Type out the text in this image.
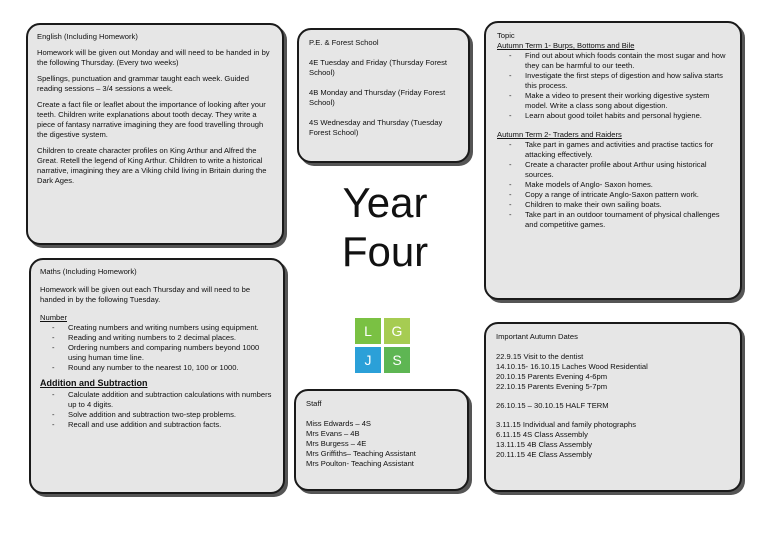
English (Including Homework)

Homework will be given out Monday and will need to be handed in by the following Thursday. (Every two weeks)

Spellings, punctuation and grammar taught each week. Guided reading sessions – 3/4 sessions a week.

Create a fact file or leaflet about the importance of looking after your teeth. Children write explanations about tooth decay. They write a piece of fantasy narrative imagining they are food travelling through the digestive system.

Children to create character profiles on King Arthur and Alfred the Great. Retell the legend of King Arthur. Children to write a historical narrative, imagining they are a Viking child living in Britain during the Dark Ages.

P.E. & Forest School

4E Tuesday and Friday (Thursday Forest School)

4B Monday and Thursday (Friday Forest School)

4S Wednesday and Thursday (Tuesday Forest School)

Topic
Autumn Term 1- Burps, Bottoms and Bile
- Find out about which foods contain the most sugar and how they can be harmful to our teeth.
- Investigate the first steps of digestion and how saliva starts this process.
- Make a video to present their working digestive system model. Write a class song about digestion.
- Learn about good toilet habits and personal hygiene.
Autumn Term 2- Traders and Raiders
- Take part in games and activities and practise tactics for attacking effectively.
- Create a character profile about Arthur using historical sources.
- Make models of Anglo- Saxon homes.
- Copy a range of intricate Anglo-Saxon pattern work.
- Children to make their own sailing boats.
- Take part in an outdoor tournament of physical challenges and competitive games.
Year
Four
L	G
J	S

Maths (Including Homework)

Homework will be given out each Thursday and will need to be handed in by the following Tuesday.

Number
- Creating numbers and writing numbers using equipment.
- Reading and writing numbers to 2 decimal places.
- Ordering numbers and comparing numbers beyond 1000 using human time line.
- Round any number to the nearest 10, 100 or 1000.
Addition and Subtraction
- Calculate addition and subtraction calculations with numbers up to 4 digits.
- Solve addition and subtraction two-step problems.
- Recall and use addition and subtraction facts.

Staff

Miss Edwards – 4S
Mrs Evans – 4B
Mrs Burgess – 4E
Mrs Griffiths– Teaching Assistant
Mrs Poulton- Teaching Assistant

Important Autumn Dates

22.9.15 Visit to the dentist
14.10.15- 16.10.15 Laches Wood Residential
20.10.15 Parents Evening 4-6pm
22.10.15 Parents Evening 5-7pm
26.10.15 – 30.10.15 HALF TERM
3.11.15 Individual and family photographs
6.11.15 4S Class Assembly
13.11.15 4B Class Assembly
20.11.15 4E Class Assembly
